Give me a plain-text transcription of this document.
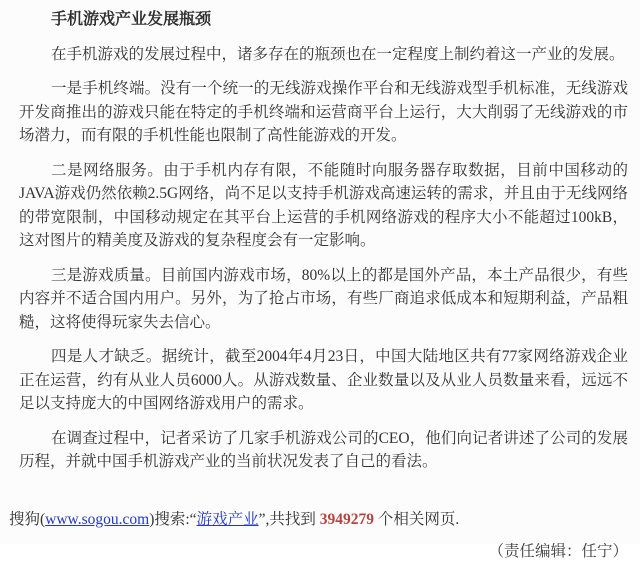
手机游戏产业发展瓶颈

在手机游戏的发展过程中，诸多存在的瓶颈也在一定程度上制约着这一产业的发展。

一是手机终端。没有一个统一的无线游戏操作平台和无线游戏型手机标准，无线游戏开发商推出的游戏只能在特定的手机终端和运营商平台上运行，大大削弱了无线游戏的市场潜力，而有限的手机性能也限制了高性能游戏的开发。

二是网络服务。由于手机内存有限，不能随时向服务器存取数据，目前中国移动的JAVA游戏仍然依赖2.5G网络，尚不足以支持手机游戏高速运转的需求，并且由于无线网络的带宽限制，中国移动规定在其平台上运营的手机网络游戏的程序大小不能超过100kB，这对图片的精美度及游戏的复杂程度会有一定影响。

三是游戏质量。目前国内游戏市场，80%以上的都是国外产品，本土产品很少，有些内容并不适合国内用户。另外，为了抢占市场，有些厂商追求低成本和短期利益，产品粗糙，这将使得玩家失去信心。

四是人才缺乏。据统计，截至2004年4月23日，中国大陆地区共有77家网络游戏企业正在运营，约有从业人员6000人。从游戏数量、企业数量以及从业人员数量来看，远远不足以支持庞大的中国网络游戏用户的需求。

在调查过程中，记者采访了几家手机游戏公司的CEO，他们向记者讲述了公司的发展历程，并就中国手机游戏产业的当前状况发表了自己的看法。

搜狗(www.sogou.com)搜索:“游戏产业”,共找到 3949279 个相关网页.

（责任编辑：任宁）
